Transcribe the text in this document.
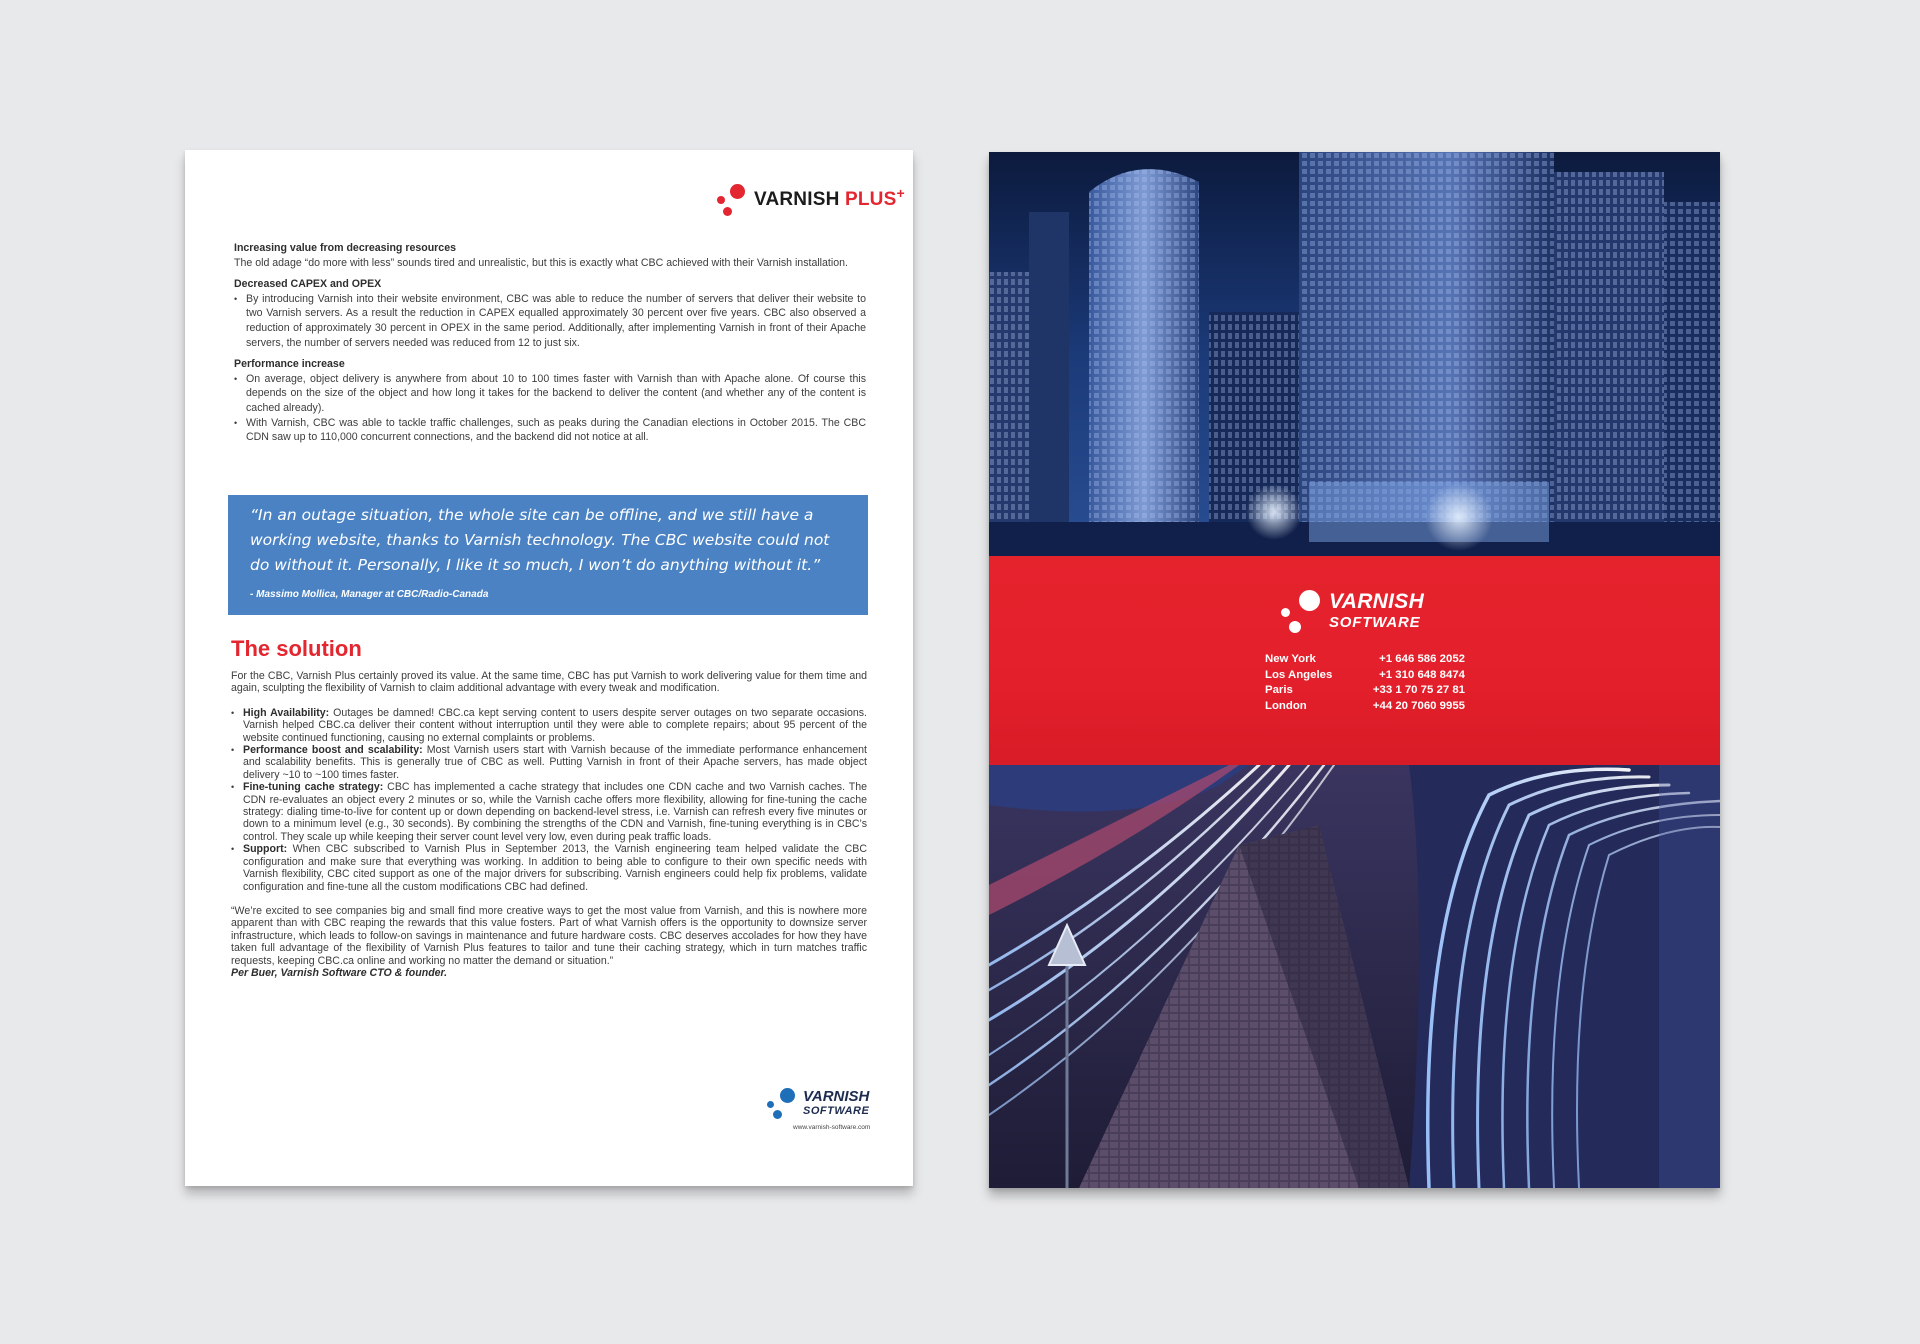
VARNISH PLUS+

Increasing value from decreasing resources

The old adage “do more with less” sounds tired and unrealistic, but this is exactly what CBC achieved with their Varnish installation.

Decreased CAPEX and OPEX

• By introducing Varnish into their website environment, CBC was able to reduce the number of servers that deliver their website to two Varnish servers. As a result the reduction in CAPEX equalled approximately 30 percent over five years. CBC also observed a reduction of approximately 30 percent in OPEX in the same period. Additionally, after implementing Varnish in front of their Apache servers, the number of servers needed was reduced from 12 to just six.

Performance increase

• On average, object delivery is anywhere from about 10 to 100 times faster with Varnish than with Apache alone. Of course this depends on the size of the object and how long it takes for the backend to deliver the content (and whether any of the content is cached already).
• With Varnish, CBC was able to tackle traffic challenges, such as peaks during the Canadian elections in October 2015. The CBC CDN saw up to 110,000 concurrent connections, and the backend did not notice at all.
“In an outage situation, the whole site can be offline, and we still have a working website, thanks to Varnish technology. The CBC website could not do without it. Personally, I like it so much, I won’t do anything without it.”
- Massimo Mollica, Manager at CBC/Radio-Canada
The solution

For the CBC, Varnish Plus certainly proved its value. At the same time, CBC has put Varnish to work delivering value for them time and again, sculpting the flexibility of Varnish to claim additional advantage with every tweak and modification.

• High Availability: Outages be damned! CBC.ca kept serving content to users despite server outages on two separate occasions. Varnish helped CBC.ca deliver their content without interruption until they were able to complete repairs; about 95 percent of the website continued functioning, causing no external complaints or problems.
• Performance boost and scalability: Most Varnish users start with Varnish because of the immediate performance enhancement and scalability benefits. This is generally true of CBC as well. Putting Varnish in front of their Apache servers, has made object delivery ~10 to ~100 times faster.
• Fine-tuning cache strategy: CBC has implemented a cache strategy that includes one CDN cache and two Varnish caches. The CDN re-evaluates an object every 2 minutes or so, while the Varnish cache offers more flexibility, allowing for fine-tuning the cache strategy: dialing time-to-live for content up or down depending on backend-level stress, i.e. Varnish can refresh every five minutes or down to a minimum level (e.g., 30 seconds). By combining the strengths of the CDN and Varnish, fine-tuning everything is in CBC’s control. They scale up while keeping their server count level very low, even during peak traffic loads.
• Support: When CBC subscribed to Varnish Plus in September 2013, the Varnish engineering team helped validate the CBC configuration and make sure that everything was working. In addition to being able to configure to their own specific needs with Varnish flexibility, CBC cited support as one of the major drivers for subscribing. Varnish engineers could help fix problems, validate configuration and fine-tune all the custom modifications CBC had defined.

“We’re excited to see companies big and small find more creative ways to get the most value from Varnish, and this is nowhere more apparent than with CBC reaping the rewards that this value fosters. Part of what Varnish offers is the opportunity to downsize server infrastructure, which leads to follow-on savings in maintenance and future hardware costs. CBC deserves accolades for how they have taken full advantage of the flexibility of Varnish Plus features to tailor and tune their caching strategy, which in turn matches traffic requests, keeping CBC.ca online and working no matter the demand or situation.”

Per Buer, Varnish Software CTO & founder.

VARNISH
SOFTWARE
www.varnish-software.com
VARNISH
SOFTWARE
New York	+1 646 586 2052
Los Angeles	+1 310 648 8474
Paris	+33 1 70 75 27 81
London	+44 20 7060 9955
